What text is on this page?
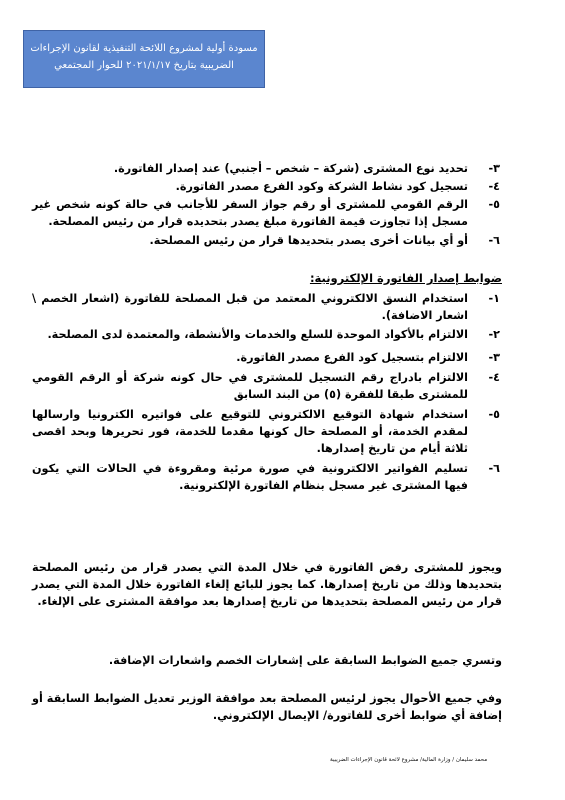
مسودة أولية لمشروع اللائحة التنفيذية لقانون الإجراءات
الضريبية بتاريخ ٢٠٢١/١/١٧ للحوار المجتمعي

٣-
تحديد نوع المشترى (شركة – شخص – أجنبي) عند إصدار الفاتورة.

٤-
تسجيل كود نشاط الشركة وكود الفرع مصدر الفاتورة.

٥-
الرقم القومي للمشترى أو رقم جواز السفر للأجانب في حالة كونه شخص غير مسجل إذا تجاوزت قيمة الفاتورة مبلغ يصدر بتحديده قرار من رئيس المصلحة.

٦-
أو أي بيانات أخرى يصدر بتحديدها قرار من رئيس المصلحة.

ضوابط إصدار الفاتورة الإلكترونية:

١-
استخدام النسق الالكتروني المعتمد من قبل المصلحة للفاتورة (اشعار الخصم \ اشعار الاضافة).

٢-
الالتزام بالأكواد الموحدة للسلع والخدمات والأنشطة، والمعتمدة لدى المصلحة.

٣-
الالتزام بتسجيل كود الفرع مصدر الفاتورة.

٤-
الالتزام بادراج رقم التسجيل للمشترى في حال كونه شركة أو الرقم القومي للمشترى طبقا للفقرة (٥) من البند السابق

٥-
استخدام شهادة التوقيع الالكتروني للتوقيع على فواتيره الكترونيا وارسالها لمقدم الخدمة، أو المصلحة حال كونها مقدما للخدمة، فور تحريرها وبحد اقصى ثلاثة أيام من تاريخ إصدارها.

٦-
تسليم الفواتير الالكترونية في صورة مرئية ومقروءة في الحالات التي يكون فيها المشترى غير مسجل بنظام الفاتورة الإلكترونية.

ويجوز للمشترى رفض الفاتورة في خلال المدة التي يصدر قرار من رئيس المصلحة بتحديدها وذلك من تاريخ إصدارها. كما يجوز للبائع إلغاء الفاتورة خلال المدة التي يصدر قرار من رئيس المصلحة بتحديدها من تاريخ إصدارها بعد موافقة المشترى على الإلغاء.

وتسري جميع الضوابط السابقة على إشعارات الخصم واشعارات الإضافة.

وفي جميع الأحوال يجوز لرئيس المصلحة بعد موافقة الوزير تعديل الضوابط السابقة أو إضافة أي ضوابط أخرى للفاتورة/ الإيصال الإلكتروني.

محمد سليمان / وزارة المالية/ مشروع لائحة قانون الإجراءات الضريبية
